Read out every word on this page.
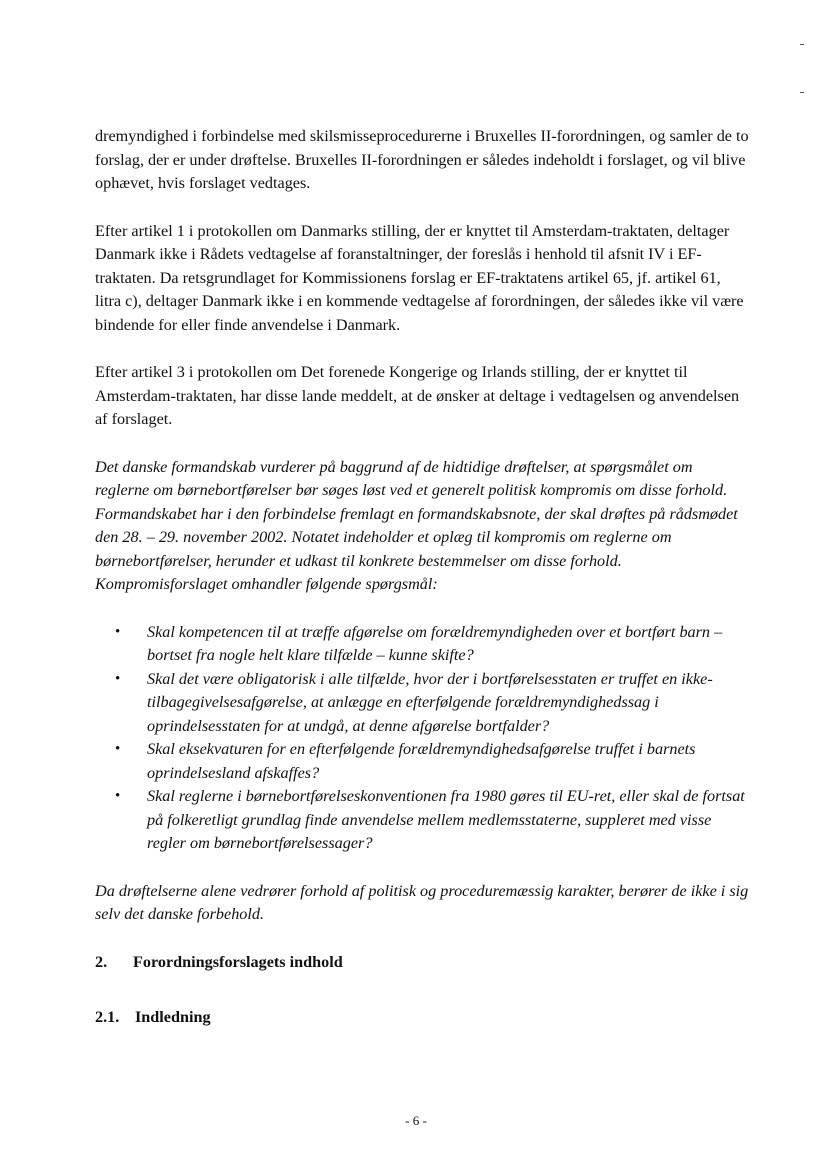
dremyndighed i forbindelse med skilsmisseprocedurerne i Bruxelles II-forordningen, og samler de to forslag, der er under drøftelse. Bruxelles II-forordningen er således indeholdt i forslaget, og vil blive ophævet, hvis forslaget vedtages.

Efter artikel 1 i protokollen om Danmarks stilling, der er knyttet til Amsterdam-traktaten, deltager Danmark ikke i Rådets vedtagelse af foranstaltninger, der foreslås i henhold til afsnit IV i EF-traktaten. Da retsgrundlaget for Kommissionens forslag er EF-traktatens artikel 65, jf. artikel 61, litra c), deltager Danmark ikke i en kommende vedtagelse af forordningen, der således ikke vil være bindende for eller finde anvendelse i Danmark.

Efter artikel 3 i protokollen om Det forenede Kongerige og Irlands stilling, der er knyttet til Amsterdam-traktaten, har disse lande meddelt, at de ønsker at deltage i vedtagelsen og anvendelsen af forslaget.

Det danske formandskab vurderer på baggrund af de hidtidige drøftelser, at spørgsmålet om reglerne om børnebortførelser bør søges løst ved et generelt politisk kompromis om disse forhold. Formandskabet har i den forbindelse fremlagt en formandskabsnote, der skal drøftes på rådsmødet den 28. – 29. november 2002. Notatet indeholder et oplæg til kompromis om reglerne om børnebortførelser, herunder et udkast til konkrete bestemmelser om disse forhold. Kompromisforslaget omhandler følgende spørgsmål:

• Skal kompetencen til at træffe afgørelse om forældremyndigheden over et bortført barn – bortset fra nogle helt klare tilfælde – kunne skifte?
• Skal det være obligatorisk i alle tilfælde, hvor der i bortførelsesstaten er truffet en ikke-tilbagegivelsesafgørelse, at anlægge en efterfølgende forældremyndighedssag i oprindelsesstaten for at undgå, at denne afgørelse bortfalder?
• Skal eksekvaturen for en efterfølgende forældremyndighedsafgørelse truffet i barnets oprindelsesland afskaffes?
• Skal reglerne i børnebortførelseskonventionen fra 1980 gøres til EU-ret, eller skal de fortsat på folkeretligt grundlag finde anvendelse mellem medlemsstaterne, suppleret med visse regler om børnebortførelsessager?

Da drøftelserne alene vedrører forhold af politisk og proceduremæssig karakter, berører de ikke i sig selv det danske forbehold.

2.	Forordningsforslagets indhold
2.1. Indledning
- 6 -
